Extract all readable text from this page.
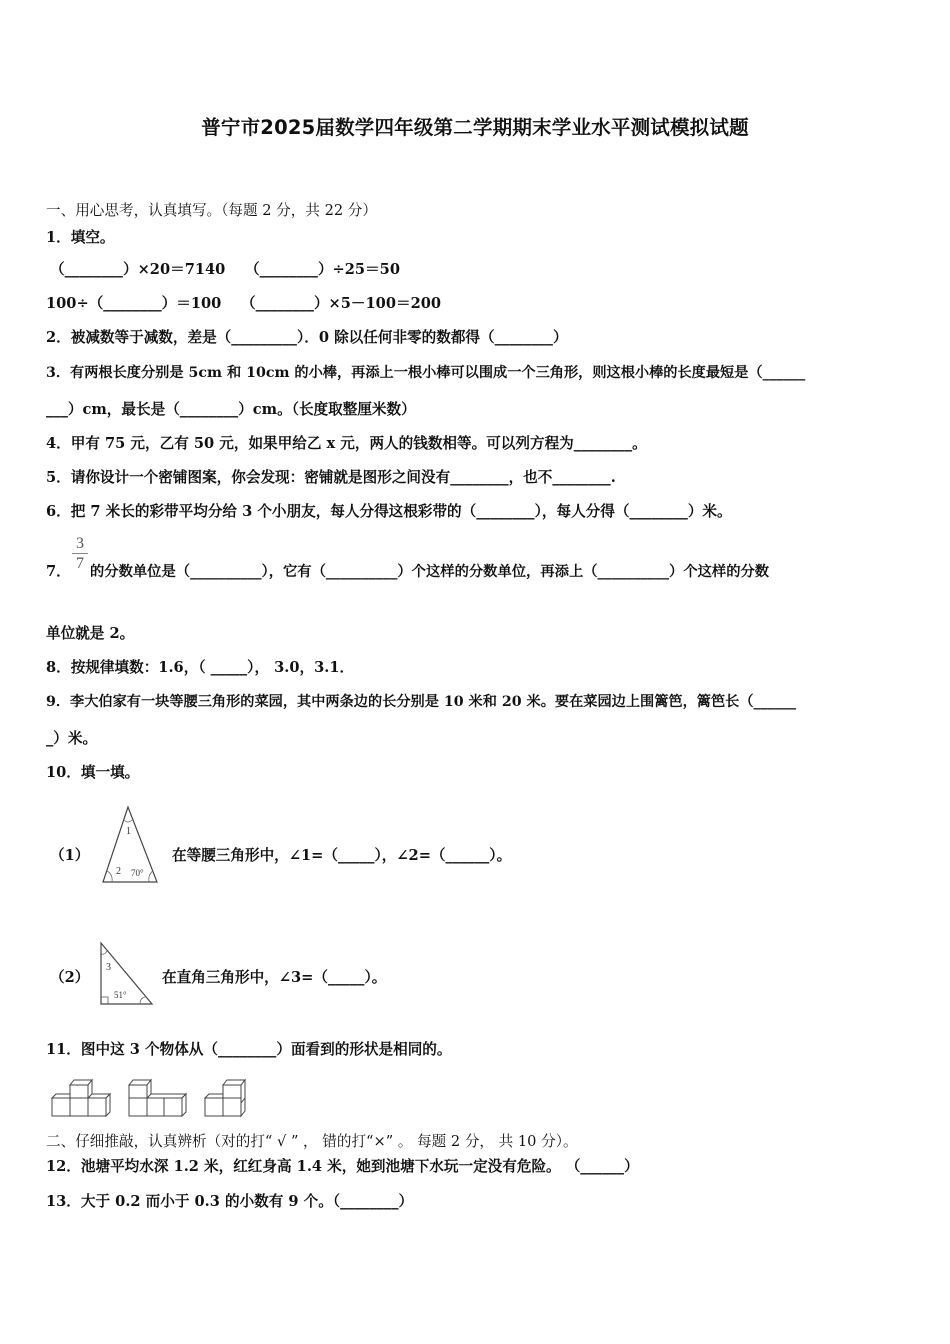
普宁市2025届数学四年级第二学期期末学业水平测试模拟试题
一、用心思考，认真填写。（每题 2 分，共 22 分）
1．填空。
（________）×20＝7140　 （________）÷25＝50
100÷（________）＝100　 （________）×5－100＝200
2．被减数等于减数，差是（_________）．0 除以任何非零的数都得（________）
3．有两根长度分别是 5cm 和 10cm 的小棒，再添上一根小棒可以围成一个三角形，则这根小棒的长度最短是（______
___）cm，最长是（________）cm。（长度取整厘米数）
4．甲有 75 元，乙有 50 元，如果甲给乙 x 元，两人的钱数相等。可以列方程为________。
5．请你设计一个密铺图案，你会发现：密铺就是图形之间没有________，也不________.
6．把 7 米长的彩带平均分给 3 个小朋友，每人分得这根彩带的（________），每人分得（________）米。
7．
3
7 的分数单位是（__________），它有（__________）个这样的分数单位，再添上（__________）个这样的分数
单位就是 2。
8．按规律填数：1.6，（ _____）， 3.0，3.1．
9．李大伯家有一块等腰三角形的菜园，其中两条边的长分别是 10 米和 20 米。要在菜园边上围篱笆，篱笆长（______
_）米。
10．填一填。
（1）
1
2 70°
在等腰三角形中，∠1=（_____），∠2=（______）。
（2）
3
51°
在直角三角形中，∠3=（_____）。
11．图中这 3 个物体从（________）面看到的形状是相同的。
二、仔细推敲，认真辨析（对的打“ √ ” ， 错的打“×” 。 每题 2 分， 共 10 分）。
12．池塘平均水深 1.2 米，红红身高 1.4 米，她到池塘下水玩一定没有危险。 （______）
13．大于 0.2 而小于 0.3 的小数有 9 个。（________）
